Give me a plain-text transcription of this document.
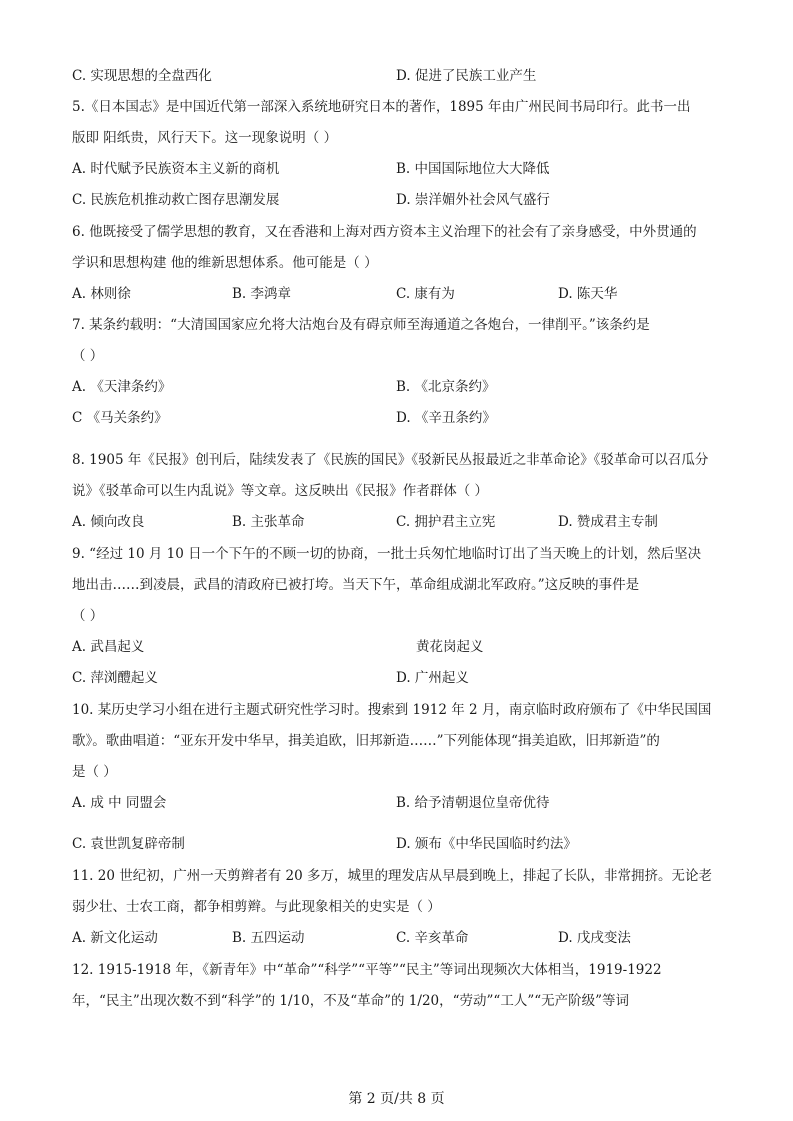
C. 实现思想的全盘西化	D. 促进了民族工业产生
5.《日本国志》是中国近代第一部深入系统地研究日本的著作，1895 年由广州民间书局印行。此书一出
版即 阳纸贵，风行天下。这一现象说明（ ）
A. 时代赋予民族资本主义新的商机	B. 中国国际地位大大降低
C. 民族危机推动救亡图存思潮发展	D. 崇洋媚外社会风气盛行
6. 他既接受了儒学思想的教育，又在香港和上海对西方资本主义治理下的社会有了亲身感受，中外贯通的
学识和思想构建 他的维新思想体系。他可能是（ ）
A. 林则徐	B. 李鸿章	C. 康有为	D. 陈天华
7. 某条约载明：“大清国国家应允将大沽炮台及有碍京师至海通道之各炮台，一律削平。”该条约是
（ ）
A. 《天津条约》	B. 《北京条约》
C 《马关条约》	D. 《辛丑条约》
8. 1905 年《民报》创刊后，陆续发表了《民族的国民》《驳新民丛报最近之非革命论》《驳革命可以召瓜分
说》《驳革命可以生内乱说》等文章。这反映出《民报》作者群体（ ）
A. 倾向改良	B. 主张革命	C. 拥护君主立宪	D. 赞成君主专制
9. “经过 10 月 10 日一个下午的不顾一切的协商，一批士兵匆忙地临时订出了当天晚上的计划，然后坚决
地出击……到凌晨，武昌的清政府已被打垮。当天下午，革命组成湖北军政府。”这反映的事件是
（ ）
A. 武昌起义	黄花岗起义
C. 萍浏醴起义	D. 广州起义
10. 某历史学习小组在进行主题式研究性学习时。搜索到 1912 年 2 月，南京临时政府颁布了《中华民国国
歌》。歌曲唱道：“亚东开发中华早，揖美追欧，旧邦新造……”下列能体现“揖美追欧，旧邦新造”的
是（ ）
A. 成 中 同盟会	B. 给予清朝退位皇帝优待
C. 袁世凯复辟帝制	D. 颁布《中华民国临时约法》
11. 20 世纪初，广州一天剪辫者有 20 多万，城里的理发店从早晨到晚上，排起了长队，非常拥挤。无论老
弱少壮、士农工商，都争相剪辫。与此现象相关的史实是（ ）
A. 新文化运动	B. 五四运动	C. 辛亥革命	D. 戊戌变法
12. 1915-1918 年，《新青年》中“革命”“科学”“平等”“民主”等词出现频次大体相当，1919-1922
年，“民主”出现次数不到“科学”的 1/10，不及“革命”的 1/20，“劳动”“工人”“无产阶级”等词
第 2 页/共 8 页
